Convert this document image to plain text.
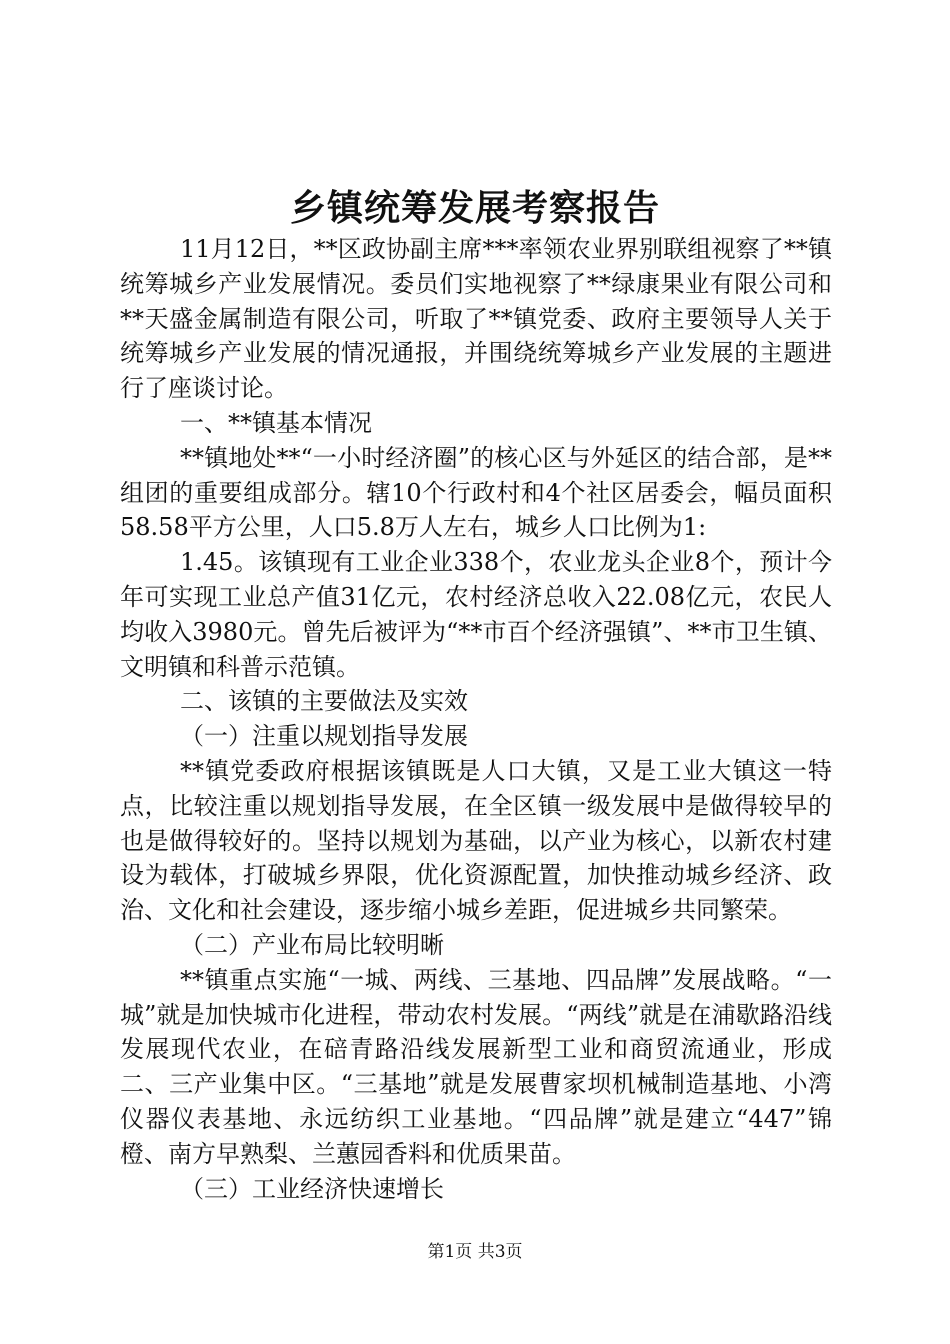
乡镇统筹发展考察报告

11月12日，**区政协副主席***率领农业界别联组视察了**镇统筹城乡产业发展情况。委员们实地视察了**绿康果业有限公司和**天盛金属制造有限公司，听取了**镇党委、政府主要领导人关于统筹城乡产业发展的情况通报，并围绕统筹城乡产业发展的主题进行了座谈讨论。

一、**镇基本情况

**镇地处**“一小时经济圈”的核心区与外延区的结合部，是**组团的重要组成部分。辖10个行政村和4个社区居委会，幅员面积58.58平方公里，人口5.8万人左右，城乡人口比例为1:

1.45。该镇现有工业企业338个，农业龙头企业8个，预计今年可实现工业总产值31亿元，农村经济总收入22.08亿元，农民人均收入3980元。曾先后被评为“**市百个经济强镇”、**市卫生镇、文明镇和科普示范镇。

二、该镇的主要做法及实效

（一）注重以规划指导发展

**镇党委政府根据该镇既是人口大镇，又是工业大镇这一特点，比较注重以规划指导发展，在全区镇一级发展中是做得较早的也是做得较好的。坚持以规划为基础，以产业为核心，以新农村建设为载体，打破城乡界限，优化资源配置，加快推动城乡经济、政治、文化和社会建设，逐步缩小城乡差距，促进城乡共同繁荣。

（二）产业布局比较明晰

**镇重点实施“一城、两线、三基地、四品牌”发展战略。“一城”就是加快城市化进程，带动农村发展。“两线”就是在浦歇路沿线发展现代农业，在碚青路沿线发展新型工业和商贸流通业，形成二、三产业集中区。“三基地”就是发展曹家坝机械制造基地、小湾仪器仪表基地、永远纺织工业基地。“四品牌”就是建立“447”锦橙、南方早熟梨、兰蕙园香料和优质果苗。

（三）工业经济快速增长

第1页 共3页
